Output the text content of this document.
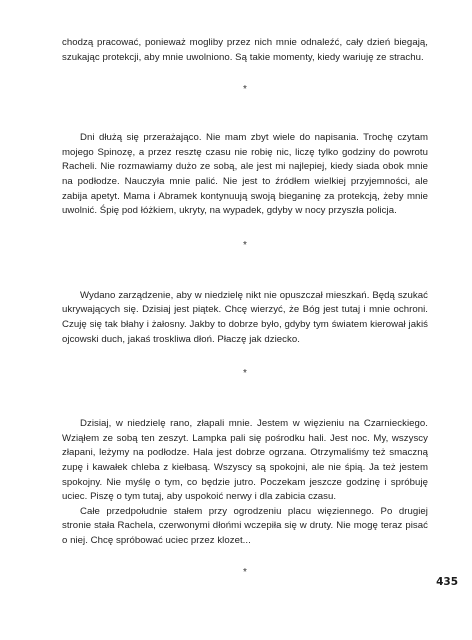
chodzą pracować, ponieważ mogliby przez nich mnie odnaleźć, cały dzień biegają, szukając protekcji, aby mnie uwolniono. Są takie momenty, kiedy wariuję ze strachu.

*

Dni dłużą się przerażająco. Nie mam zbyt wiele do napisania. Trochę czytam mojego Spinozę, a przez resztę czasu nie robię nic, liczę tylko godziny do powrotu Racheli. Nie rozmawiamy dużo ze sobą, ale jest mi najlepiej, kiedy siada obok mnie na podłodze. Nauczyła mnie palić. Nie jest to źródłem wielkiej przyjemności, ale zabija apetyt. Mama i Abramek kontynuują swoją bieganinę za protekcją, żeby mnie uwolnić. Śpię pod łóżkiem, ukryty, na wypadek, gdyby w nocy przyszła policja.

*

Wydano zarządzenie, aby w niedzielę nikt nie opuszczał mieszkań. Będą szukać ukrywających się. Dzisiaj jest piątek. Chcę wierzyć, że Bóg jest tutaj i mnie ochroni. Czuję się tak błahy i żałosny. Jakby to dobrze było, gdyby tym światem kierował jakiś ojcowski duch, jakaś troskliwa dłoń. Płaczę jak dziecko.

*

Dzisiaj, w niedzielę rano, złapali mnie. Jestem w więzieniu na Czarnieckiego. Wziąłem ze sobą ten zeszyt. Lampka pali się pośrodku hali. Jest noc. My, wszyscy złapani, leżymy na podłodze. Hala jest dobrze ogrzana. Otrzymaliśmy też smaczną zupę i kawałek chleba z kiełbasą. Wszyscy są spokojni, ale nie śpią. Ja też jestem spokojny. Nie myślę o tym, co będzie jutro. Poczekam jeszcze godzinę i spróbuję uciec. Piszę o tym tutaj, aby uspokoić nerwy i dla zabicia czasu.

Całe przedpołudnie stałem przy ogrodzeniu placu więziennego. Po drugiej stronie stała Rachela, czerwonymi dłońmi wczepiła się w druty. Nie mogę teraz pisać o niej. Chcę spróbować uciec przez klozet...

*
435
